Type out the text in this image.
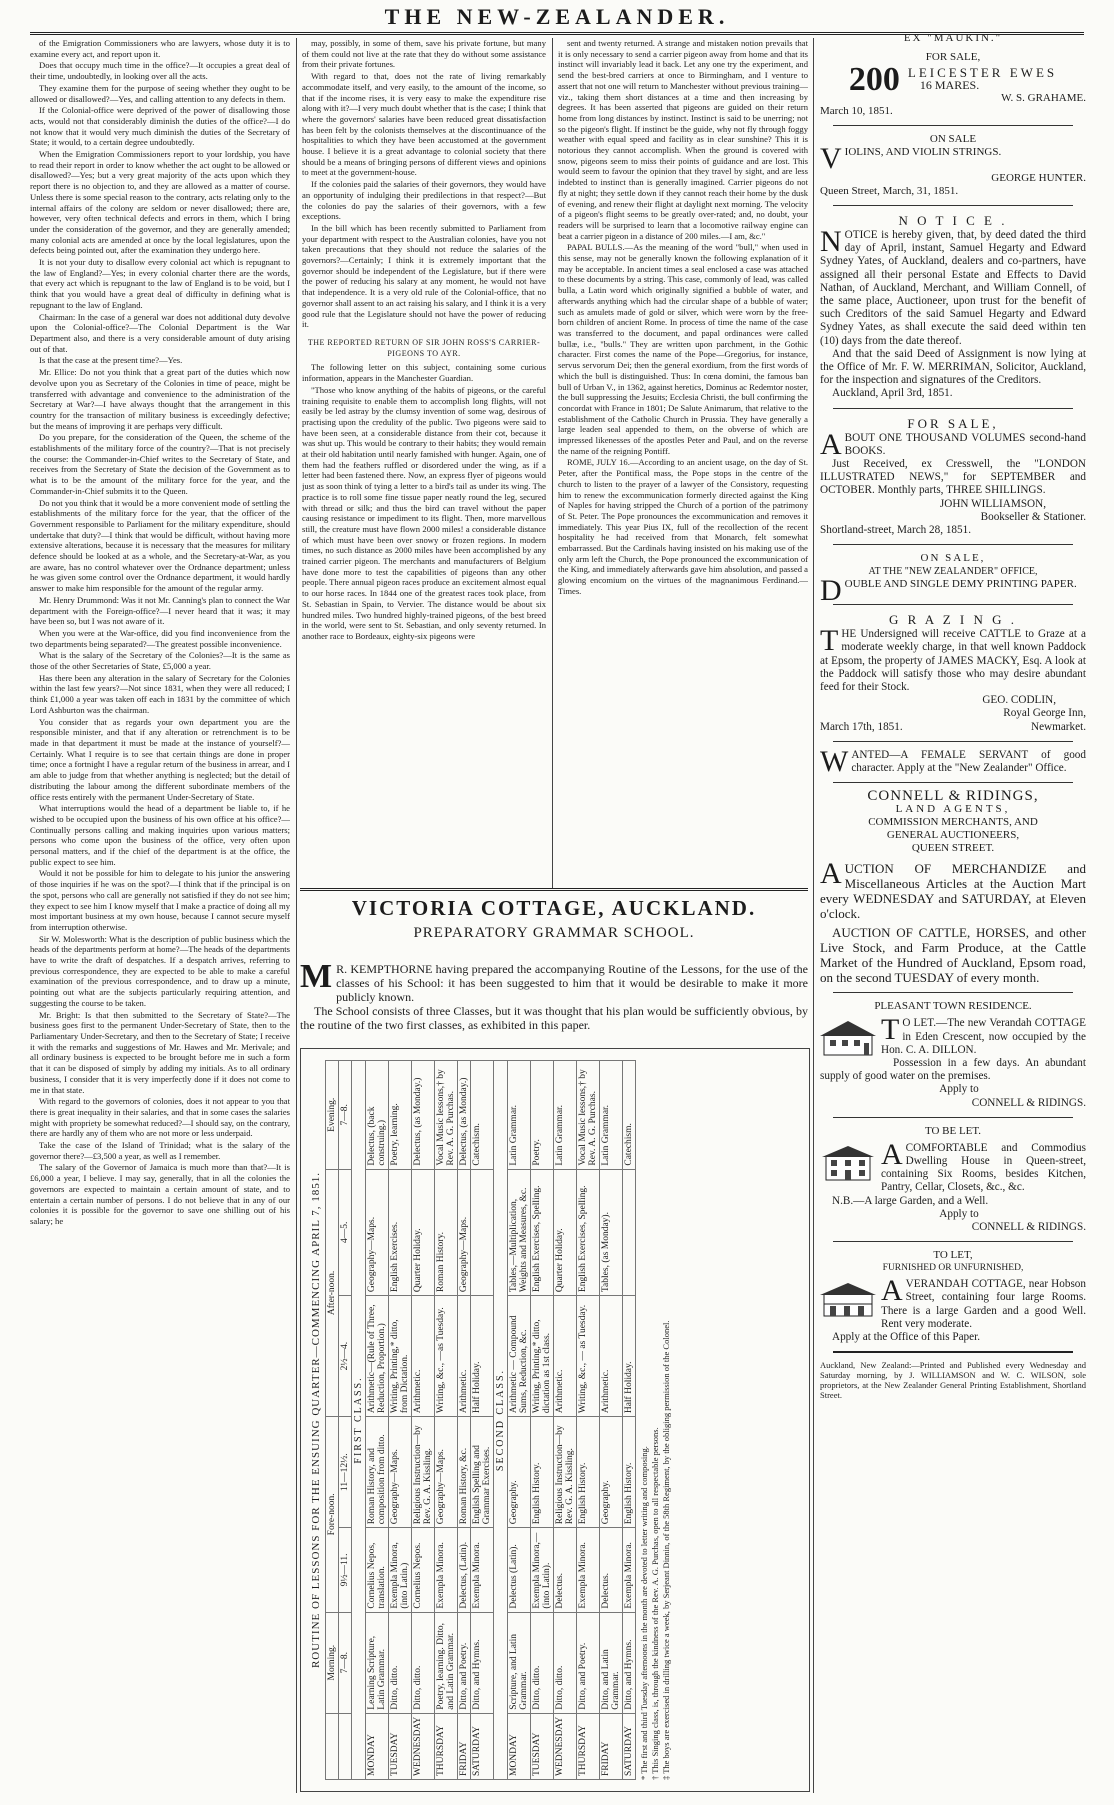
THE NEW-ZEALANDER.

of the Emigration Commissioners who are lawyers, whose duty it is to examine every act, and report upon it.

Does that occupy much time in the office?—It occupies a great deal of their time, undoubtedly, in looking over all the acts.

They examine them for the purpose of seeing whether they ought to be allowed or disallowed?—Yes, and calling attention to any defects in them.

If the Colonial-office were deprived of the power of disallowing those acts, would not that considerably diminish the duties of the office?—I do not know that it would very much diminish the duties of the Secretary of State; it would, to a certain degree undoubtedly.

When the Emigration Commissioners report to your lordship, you have to read their report in order to know whether the act ought to be allowed or disallowed?—Yes; but a very great majority of the acts upon which they report there is no objection to, and they are allowed as a matter of course. Unless there is some special reason to the contrary, acts relating only to the internal affairs of the colony are seldom or never disallowed; there are, however, very often technical defects and errors in them, which I bring under the consideration of the governor, and they are generally amended; many colonial acts are amended at once by the local legislatures, upon the defects being pointed out, after the examination they undergo here.

It is not your duty to disallow every colonial act which is repugnant to the law of England?—Yes; in every colonial charter there are the words, that every act which is repugnant to the law of England is to be void, but I think that you would have a great deal of difficulty in defining what is repugnant to the law of England.

Chairman: In the case of a general war does not additional duty devolve upon the Colonial-office?—The Colonial Department is the War Department also, and there is a very considerable amount of duty arising out of that.

Is that the case at the present time?—Yes.

Mr. Ellice: Do not you think that a great part of the duties which now devolve upon you as Secretary of the Colonies in time of peace, might be transferred with advantage and convenience to the administration of the Secretary at War?—I have always thought that the arrangement in this country for the transaction of military business is exceedingly defective; but the means of improving it are perhaps very difficult.

Do you prepare, for the consideration of the Queen, the scheme of the establishments of the military force of the country?—That is not precisely the course: the Commander-in-Chief writes to the Secretary of State, and receives from the Secretary of State the decision of the Government as to what is to be the amount of the military force for the year, and the Commander-in-Chief submits it to the Queen.

Do not you think that it would be a more convenient mode of settling the establishments of the military force for the year, that the officer of the Government responsible to Parliament for the military expenditure, should undertake that duty?—I think that would be difficult, without having more extensive alterations, because it is necessary that the measures for military defence should be looked at as a whole, and the Secretary-at-War, as you are aware, has no control whatever over the Ordnance department; unless he was given some control over the Ordnance department, it would hardly answer to make him responsible for the amount of the regular army.

Mr. Henry Drummond: Was it not Mr. Canning's plan to connect the War department with the Foreign-office?—I never heard that it was; it may have been so, but I was not aware of it.

When you were at the War-office, did you find inconvenience from the two departments being separated?—The greatest possible inconvenience.

What is the salary of the Secretary of the Colonies?—It is the same as those of the other Secretaries of State, £5,000 a year.

Has there been any alteration in the salary of Secretary for the Colonies within the last few years?—Not since 1831, when they were all reduced; I think £1,000 a year was taken off each in 1831 by the committee of which Lord Ashburton was the chairman.

You consider that as regards your own department you are the responsible minister, and that if any alteration or retrenchment is to be made in that department it must be made at the instance of yourself?—Certainly. What I require is to see that certain things are done in proper time; once a fortnight I have a regular return of the business in arrear, and I am able to judge from that whether anything is neglected; but the detail of distributing the labour among the different subordinate members of the office rests entirely with the permanent Under-Secretary of State.

What interruptions would the head of a department be liable to, if he wished to be occupied upon the business of his own office at his office?—Continually persons calling and making inquiries upon various matters; persons who come upon the business of the office, very often upon personal matters, and if the chief of the department is at the office, the public expect to see him.

Would it not be possible for him to delegate to his junior the answering of those inquiries if he was on the spot?—I think that if the principal is on the spot, persons who call are generally not satisfied if they do not see him; they expect to see him I know myself that I make a practice of doing all my most important business at my own house, because I cannot secure myself from interruption otherwise.

Sir W. Molesworth: What is the description of public business which the heads of the departments perform at home?—The heads of the departments have to write the draft of despatches. If a despatch arrives, referring to previous correspondence, they are expected to be able to make a careful examination of the previous correspondence, and to draw up a minute, pointing out what are the subjects particularly requiring attention, and suggesting the course to be taken.

Mr. Bright: Is that then submitted to the Secretary of State?—The business goes first to the permanent Under-Secretary of State, then to the Parliamentary Under-Secretary, and then to the Secretary of State; I receive it with the remarks and suggestions of Mr. Hawes and Mr. Merivale; and all ordinary business is expected to be brought before me in such a form that it can be disposed of simply by adding my initials. As to all ordinary business, I consider that it is very imperfectly done if it does not come to me in that state.

With regard to the governors of colonies, does it not appear to you that there is great inequality in their salaries, and that in some cases the salaries might with propriety be somewhat reduced?—I should say, on the contrary, there are hardly any of them who are not more or less underpaid.

Take the case of the Island of Trinidad; what is the salary of the governor there?—£3,500 a year, as well as I remember.

The salary of the Governor of Jamaica is much more than that?—It is £6,000 a year, I believe. I may say, generally, that in all the colonies the governors are expected to maintain a certain amount of state, and to entertain a certain number of persons. I do not believe that in any of our colonies it is possible for the governor to save one shilling out of his salary; he

may, possibly, in some of them, save his private fortune, but many of them could not live at the rate that they do without some assistance from their private fortunes.

With regard to that, does not the rate of living remarkably accommodate itself, and very easily, to the amount of the income, so that if the income rises, it is very easy to make the expenditure rise along with it?—I very much doubt whether that is the case; I think that where the governors' salaries have been reduced great dissatisfaction has been felt by the colonists themselves at the discontinuance of the hospitalities to which they have been accustomed at the government house. I believe it is a great advantage to colonial society that there should be a means of bringing persons of different views and opinions to meet at the government-house.

If the colonies paid the salaries of their governors, they would have an opportunity of indulging their predilections in that respect?—But the colonies do pay the salaries of their governors, with a few exceptions.

In the bill which has been recently submitted to Parliament from your department with respect to the Australian colonies, have you not taken precautions that they should not reduce the salaries of the governors?—Certainly; I think it is extremely important that the governor should be independent of the Legislature, but if there were the power of reducing his salary at any moment, he would not have that independence. It is a very old rule of the Colonial-office, that no governor shall assent to an act raising his salary, and I think it is a very good rule that the Legislature should not have the power of reducing it.

THE REPORTED RETURN OF SIR JOHN ROSS'S CARRIER-PIGEONS TO AYR.

The following letter on this subject, containing some curious information, appears in the Manchester Guardian.

"Those who know anything of the habits of pigeons, or the careful training requisite to enable them to accomplish long flights, will not easily be led astray by the clumsy invention of some wag, desirous of practising upon the credulity of the public. Two pigeons were said to have been seen, at a considerable distance from their cot, because it was shut up. This would be contrary to their habits; they would remain at their old habitation until nearly famished with hunger. Again, one of them had the feathers ruffled or disordered under the wing, as if a letter had been fastened there. Now, an express flyer of pigeons would just as soon think of tying a letter to a bird's tail as under its wing. The practice is to roll some fine tissue paper neatly round the leg, secured with thread or silk; and thus the bird can travel without the paper causing resistance or impediment to its flight. Then, more marvellous still, the creature must have flown 2000 miles! a considerable distance of which must have been over snowy or frozen regions. In modern times, no such distance as 2000 miles have been accomplished by any trained carrier pigeon. The merchants and manufacturers of Belgium have done more to test the capabilities of pigeons than any other people. There annual pigeon races produce an excitement almost equal to our horse races. In 1844 one of the greatest races took place, from St. Sebastian in Spain, to Vervier. The distance would be about six hundred miles. Two hundred highly-trained pigeons, of the best breed in the world, were sent to St. Sebastian, and only seventy returned. In another race to Bordeaux, eighty-six pigeons were

sent and twenty returned. A strange and mistaken notion prevails that it is only necessary to send a carrier pigeon away from home and that its instinct will invariably lead it back. Let any one try the experiment, and send the best-bred carriers at once to Birmingham, and I venture to assert that not one will return to Manchester without previous training—viz., taking them short distances at a time and then increasing by degrees. It has been asserted that pigeons are guided on their return home from long distances by instinct. Instinct is said to be unerring; not so the pigeon's flight. If instinct be the guide, why not fly through foggy weather with equal speed and facility as in clear sunshine? This it is notorious they cannot accomplish. When the ground is covered with snow, pigeons seem to miss their points of guidance and are lost. This would seem to favour the opinion that they travel by sight, and are less indebted to instinct than is generally imagined. Carrier pigeons do not fly at night; they settle down if they cannot reach their home by the dusk of evening, and renew their flight at daylight next morning. The velocity of a pigeon's flight seems to be greatly over-rated; and, no doubt, your readers will be surprised to learn that a locomotive railway engine can beat a carrier pigeon in a distance of 200 miles.—I am, &c."

PAPAL BULLS.—As the meaning of the word "bull," when used in this sense, may not be generally known the following explanation of it may be acceptable. In ancient times a seal enclosed a case was attached to these documents by a string. This case, commonly of lead, was called bulla, a Latin word which originally signified a bubble of water, and afterwards anything which had the circular shape of a bubble of water; such as amulets made of gold or silver, which were worn by the free-born children of ancient Rome. In process of time the name of the case was transferred to the document, and papal ordinances were called bullæ, i.e., "bulls." They are written upon parchment, in the Gothic character. First comes the name of the Pope—Gregorius, for instance, servus servorum Dei; then the general exordium, from the first words of which the bull is distinguished. Thus: In cœna domini, the famous ban bull of Urban V., in 1362, against heretics, Dominus ac Redemtor noster, the bull suppressing the Jesuits; Ecclesia Christi, the bull confirming the concordat with France in 1801; De Salute Animarum, that relative to the establishment of the Catholic Church in Prussia. They have generally a large leaden seal appended to them, on the obverse of which are impressed likenesses of the apostles Peter and Paul, and on the reverse the name of the reigning Pontiff.

ROME, JULY 16.—According to an ancient usage, on the day of St. Peter, after the Pontifical mass, the Pope stops in the centre of the church to listen to the prayer of a lawyer of the Consistory, requesting him to renew the excommunication formerly directed against the King of Naples for having stripped the Church of a portion of the patrimony of St. Peter. The Pope pronounces the excommunication and removes it immediately. This year Pius IX, full of the recollection of the recent hospitality he had received from that Monarch, felt somewhat embarrassed. But the Cardinals having insisted on his making use of the only arm left the Church, the Pope pronounced the excommunication of the King, and immediately afterwards gave him absolution, and passed a glowing encomium on the virtues of the magnanimous Ferdinand.—Times.

VICTORIA COTTAGE, AUCKLAND.
PREPARATORY GRAMMAR SCHOOL.

M R. KEMPTHORNE having prepared the accompanying Routine of the Lessons, for the use of the classes of his School: it has been suggested to him that it would be desirable to make it more publicly known.

The School consists of three Classes, but it was thought that his plan would be sufficiently obvious, by the routine of the two first classes, as exhibited in this paper.

ROUTINE OF LESSONS FOR THE ENSUING QUARTER—COMMENCING APRIL 7, 1851.	Morning.	Fore-noon.		After-noon.		Evening.
	7—8.	9½—11.	11—12½.	2½—4.	4—5.	7—8.
FIRST CLASS.						
MONDAY	Learning Scripture, Latin Grammar.	Cornelius Nepos, translation.	Roman History, and composition from ditto.	Arithmetic—(Rule of Three, Reduction, Proportion.)	Geography—Maps.	Delectus, (back construing.)
TUESDAY	Ditto, ditto.	Exempla Minora, (into Latin.)	Geography—Maps.	Writing, Printing,* ditto, from Dictation.	English Exercises.	Poetry, learning.
WEDNESDAY	Ditto, ditto.	Cornelius Nepos.	Religious Instruction—by Rev. G. A. Kissling.	Arithmetic.	Quarter Holiday.	Delectus, (as Monday.)
THURSDAY	Poetry, learning. Ditto, and Latin Grammar.	Exempla Minora.	Geography—Maps.	Writing, &c., —as Tuesday.	Roman History.	Vocal Music lessons,† by Rev. A. G. Purchas.
FRIDAY	Ditto, and Poetry.	Delectus, (Latin).	Roman History, &c.	Arithmetic.	Geography—Maps.	Delectus, (as Monday.)
SATURDAY	Ditto, and Hymns.	Exempla Minora.	English Spelling and Grammar Exercises.	Half Holiday.		Catechism.
SECOND CLASS.						
MONDAY	Scripture, and Latin Grammar.	Delectus (Latin).	Geography.	Arithmetic — Compound Sums, Reduction, &c.	Tables,—Multiplication, Weights and Measures, &c.	Latin Grammar.
TUESDAY	Ditto, ditto.	Exempla Minora,—(into Latin).	English History.	Writing, Printing,* ditto, dictation as 1st class.	English Exercises, Spelling.	Poetry.
WEDNESDAY	Ditto, ditto.	Delectus.	Religious Instruction—by Rev. G. A. Kissling.	Arithmetic.	Quarter Holiday.	Latin Grammar.
THURSDAY	Ditto, and Poetry.	Exempla Minora.	English History.	Writing, &c., — as Tuesday.	English Exercises, Spelling.	Vocal Music lessons,† by Rev. A. G. Purchas.
FRIDAY	Ditto, and Latin Grammar.	Delectus.	Geography.	Arithmetic.	Tables, (as Monday).	Latin Grammar.
SATURDAY	Ditto, and Hymns.	Exempla Minora.	English History.	Half Holiday.		Catechism.
* The first and third Tuesday afternoons in the month are devoted to letter writing and composing. † This Singing class, is, through the kindness of the Rev. A. G. Purchas, open to all respectable persons. ‡ The boys are exercised in drilling twice a week, by Serjeant Dinnin, of the 58th Regiment, by the obliging permission of the Colonel.

EX "MAUKIN."

FOR SALE,

200 LEICESTER EWES
16 MARES.

W. S. GRAHAME.

March 10, 1851.

ON SALE

VIOLINS, AND VIOLIN STRINGS.

GEORGE HUNTER.

Queen Street, March, 31, 1851.

N O T I C E .

NOTICE is hereby given, that, by deed dated the third day of April, instant, Samuel Hegarty and Edward Sydney Yates, of Auckland, dealers and co-partners, have assigned all their personal Estate and Effects to David Nathan, of Auckland, Merchant, and William Connell, of the same place, Auctioneer, upon trust for the benefit of such Creditors of the said Samuel Hegarty and Edward Sydney Yates, as shall execute the said deed within ten (10) days from the date thereof.

And that the said Deed of Assignment is now lying at the Office of Mr. F. W. MERRIMAN, Solicitor, Auckland, for the inspection and signatures of the Creditors.

Auckland, April 3rd, 1851.

FOR SALE,

ABOUT ONE THOUSAND VOLUMES second-hand BOOKS.

Just Received, ex Cresswell, the "LONDON ILLUSTRATED NEWS," for SEPTEMBER and OCTOBER. Monthly parts, THREE SHILLINGS.

JOHN WILLIAMSON,

Bookseller & Stationer.

Shortland-street, March 28, 1851.

ON SALE,

AT THE "NEW ZEALANDER" OFFICE,

DOUBLE AND SINGLE DEMY PRINTING PAPER.

G R A Z I N G .

THE Undersigned will receive CATTLE to Graze at a moderate weekly charge, in that well known Paddock at Epsom, the property of JAMES MACKY, Esq. A look at the Paddock will satisfy those who may desire abundant feed for their Stock.

GEO. CODLIN,

Royal George Inn,

March 17th, 1851.	Newmarket.

WANTED—A FEMALE SERVANT of good character. Apply at the "New Zealander" Office.

CONNELL & RIDINGS,

LAND AGENTS,

COMMISSION MERCHANTS, AND

GENERAL AUCTIONEERS,

QUEEN STREET.

AUCTION OF MERCHANDIZE and Miscellaneous Articles at the Auction Mart every WEDNESDAY and SATURDAY, at Eleven o'clock.

AUCTION OF CATTLE, HORSES, and other Live Stock, and Farm Produce, at the Cattle Market of the Hundred of Auckland, Epsom road, on the second TUESDAY of every month.

PLEASANT TOWN RESIDENCE.

T O LET.—The new Verandah COTTAGE in Eden Crescent, now occupied by the Hon. C. A. DILLON.

Possession in a few days. An abundant supply of good water on the premises.

Apply to

CONNELL & RIDINGS.

TO BE LET.

ACOMFORTABLE and Commodius Dwelling House in Queen-street, containing Six Rooms, besides Kitchen, Pantry, Cellar, Closets, &c., &c.

N.B.—A large Garden, and a Well.

Apply to

CONNELL & RIDINGS.

TO LET,

FURNISHED OR UNFURNISHED,

AVERANDAH COTTAGE, near Hobson Street, containing four large Rooms. There is a large Garden and a good Well. Rent very moderate.

Apply at the Office of this Paper.

Auckland, New Zealand:—Printed and Published every Wednesday and Saturday morning, by J. WILLIAMSON and W. C. WILSON, sole proprietors, at the New Zealander General Printing Establishment, Shortland Street.
